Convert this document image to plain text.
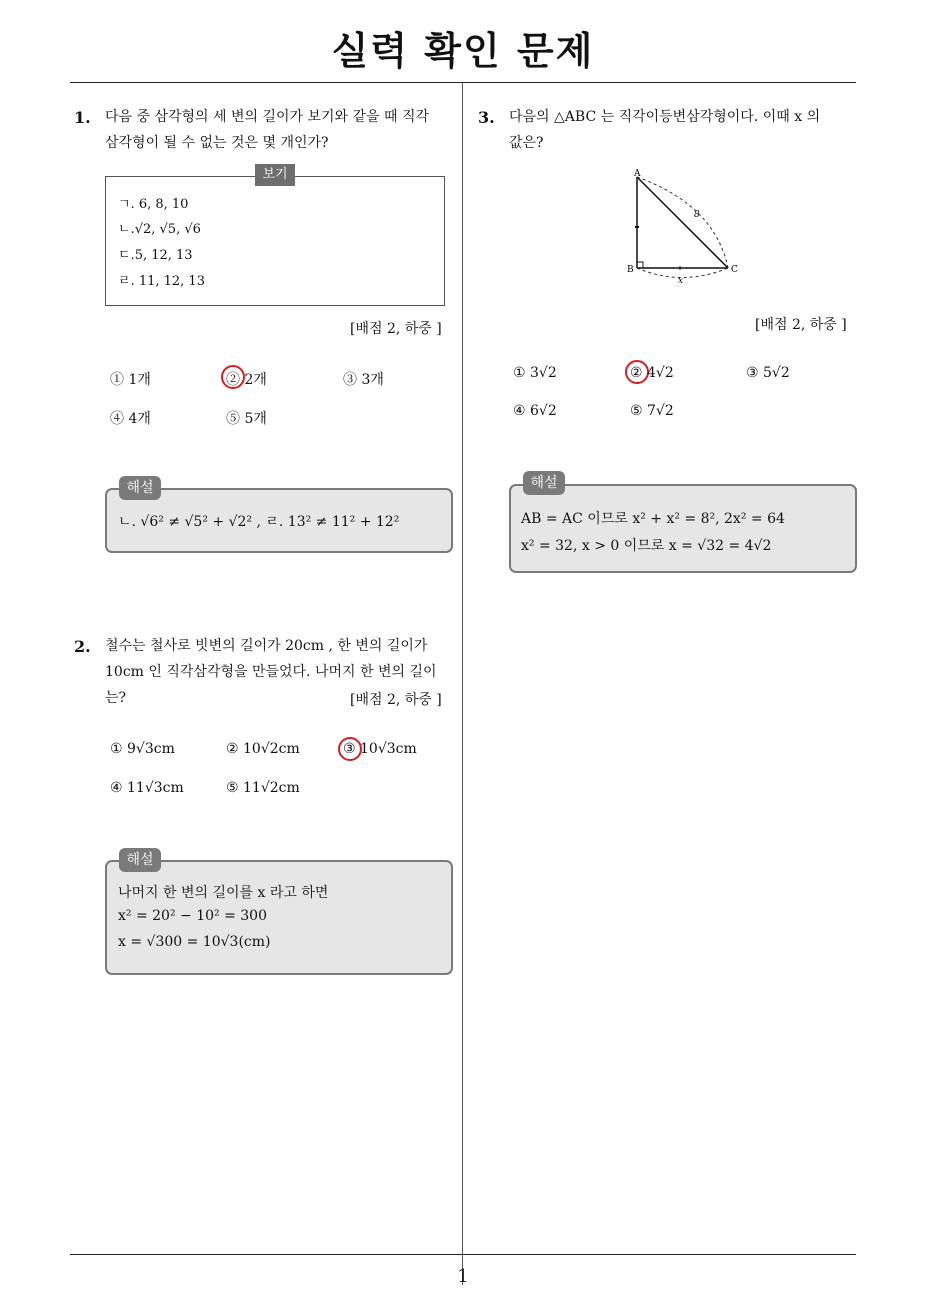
실력 확인 문제
1. 다음 중 삼각형의 세 변의 길이가 보기와 같을 때 직각
삼각형이 될 수 없는 것은 몇 개인가?
보기
ㄱ. 6, 8, 10
ㄴ.√2, √5, √6
ㄷ.5, 12, 13
ㄹ. 11, 12, 13
[배점 2, 하중 ]
① 1개	② 2개	③ 3개
④ 4개	⑤ 5개
해설
ㄴ. √6² ≠ √5² + √2² , ㄹ. 13² ≠ 11² + 12²
2. 철수는 철사로 빗변의 길이가 20cm , 한 변의 길이가
10cm 인 직각삼각형을 만들었다. 나머지 한 변의 길이
는?	[배점 2, 하중 ]
① 9√3cm	② 10√2cm	③ 10√3cm
④ 11√3cm	⑤ 11√2cm
해설
나머지 한 변의 길이를 x 라고 하면
x² = 20² − 10² = 300
x = √300 = 10√3(cm)
3. 다음의 △ABC 는 직각이등변삼각형이다. 이때 x 의
값은?
A
B	C
8
x
[배점 2, 하중 ]
① 3√2	② 4√2	③ 5√2
④ 6√2	⑤ 7√2
해설
AB = AC 이므로 x² + x² = 8², 2x² = 64
x² = 32, x > 0 이므로 x = √32 = 4√2
1
